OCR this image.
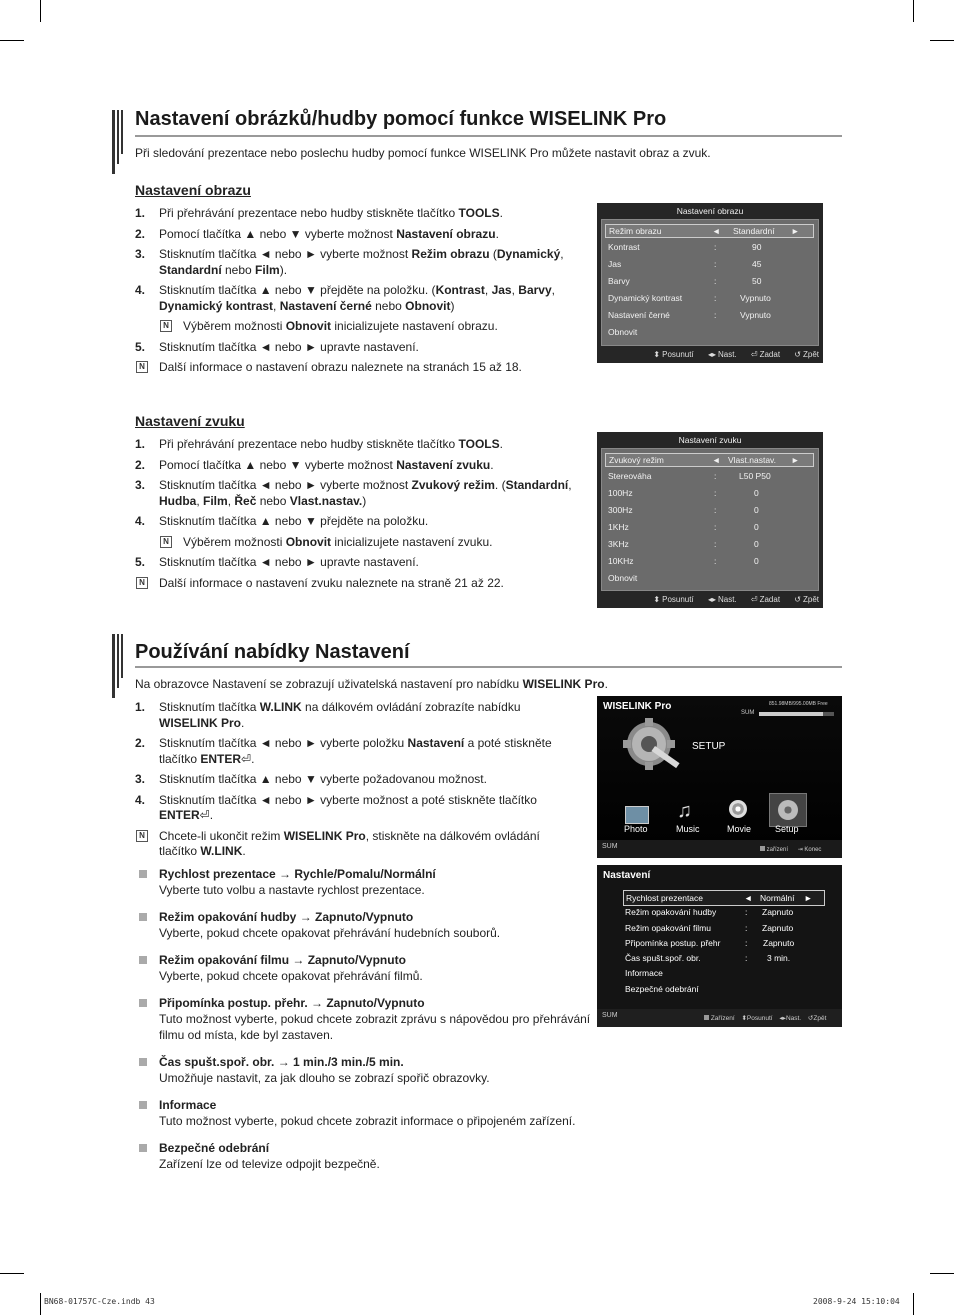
Nastavení obrázků/hudby pomocí funkce WISELINK Pro
Při sledování prezentace nebo poslechu hudby pomocí funkce WISELINK Pro můžete nastavit obraz a zvuk.
Nastavení obrazu
1. Při přehrávání prezentace nebo hudby stiskněte tlačítko TOOLS.
2. Pomocí tlačítka ▲ nebo ▼ vyberte možnost Nastavení obrazu.
3. Stisknutím tlačítka ◄ nebo ► vyberte možnost Režim obrazu (Dynamický, Standardní nebo Film).
4. Stisknutím tlačítka ▲ nebo ▼ přejděte na položku. (Kontrast, Jas, Barvy, Dynamický kontrast, Nastavení černé nebo Obnovit)
N Výběrem možnosti Obnovit inicializujete nastavení obrazu.
5. Stisknutím tlačítka ◄ nebo ► upravte nastavení.
N Další informace o nastavení obrazu naleznete na stranách 15 až 18.
Nastavení obrazu
Režim obrazu	◄ Standardní ►
Kontrast	:	90
Jas	:	45
Barvy	:	50
Dynamický kontrast	:	Vypnuto
Nastavení černé	:	Vypnuto
Obnovit
⬍ Posunutí ◂▸ Nast. ⏎ Zadat ↺ Zpět
Nastavení zvuku
1. Při přehrávání prezentace nebo hudby stiskněte tlačítko TOOLS.
2. Pomocí tlačítka ▲ nebo ▼ vyberte možnost Nastavení zvuku.
3. Stisknutím tlačítka ◄ nebo ► vyberte možnost Zvukový režim. (Standardní, Hudba, Film, Řeč nebo Vlast.nastav.)
4. Stisknutím tlačítka ▲ nebo ▼ přejděte na položku.
N Výběrem možnosti Obnovit inicializujete nastavení zvuku.
5. Stisknutím tlačítka ◄ nebo ► upravte nastavení.
N Další informace o nastavení zvuku naleznete na straně 21 až 22.
Nastavení zvuku
Zvukový režim	◄ Vlast.nastav. ►
Stereováha	:	L50 P50
100Hz	:	0
300Hz	:	0
1KHz	:	0
3KHz	:	0
10KHz	:	0
Obnovit
⬍ Posunutí ◂▸ Nast. ⏎ Zadat ↺ Zpět
Používání nabídky Nastavení
Na obrazovce Nastavení se zobrazují uživatelská nastavení pro nabídku WISELINK Pro.
1. Stisknutím tlačítka W.LINK na dálkovém ovládání zobrazíte nabídku WISELINK Pro.
2. Stisknutím tlačítka ◄ nebo ► vyberte položku Nastavení a poté stiskněte tlačítko ENTER⏎.
3. Stisknutím tlačítka ▲ nebo ▼ vyberte požadovanou možnost.
4. Stisknutím tlačítka ◄ nebo ► vyberte možnost a poté stiskněte tlačítko ENTER⏎.
N Chcete-li ukončit režim WISELINK Pro, stiskněte na dálkovém ovládání tlačítko W.LINK.
Rychlost prezentace → Rychle/Pomalu/Normální
Vyberte tuto volbu a nastavte rychlost prezentace.
Režim opakování hudby → Zapnuto/Vypnuto
Vyberte, pokud chcete opakovat přehrávání hudebních souborů.
Režim opakování filmu → Zapnuto/Vypnuto
Vyberte, pokud chcete opakovat přehrávání filmů.
Připomínka postup. přehr. → Zapnuto/Vypnuto
Tuto možnost vyberte, pokud chcete zobrazit zprávu s nápovědou pro přehrávání filmu od místa, kde byl zastaven.
Čas spušt.spoř. obr. → 1 min./3 min./5 min.
Umožňuje nastavit, za jak dlouho se zobrazí spořič obrazovky.
Informace
Tuto možnost vyberte, pokud chcete zobrazit informace o připojeném zařízení.
Bezpečné odebrání
Zařízení lze od televize odpojit bezpečně.
WISELINK Pro	851.98MB/995.00MB Free
SUM
SETUP
♫
Photo	Music	Movie	Setup
SUM	zařízení ⇥ Konec
Nastavení
Rychlost prezentace	◄ Normální ►
Režim opakování hudby	: Zapnuto
Režim opakování filmu	: Zapnuto
Připomínka postup. přehr	: Zapnuto
Čas spušt.spoř. obr.	: 3 min.
Informace
Bezpečné odebrání
SUM	Zařízení ⬍Posunutí ◂▸Nast. ↺Zpět
BN68-01757C-Cze.indb 43	2008-9-24 15:10:04
